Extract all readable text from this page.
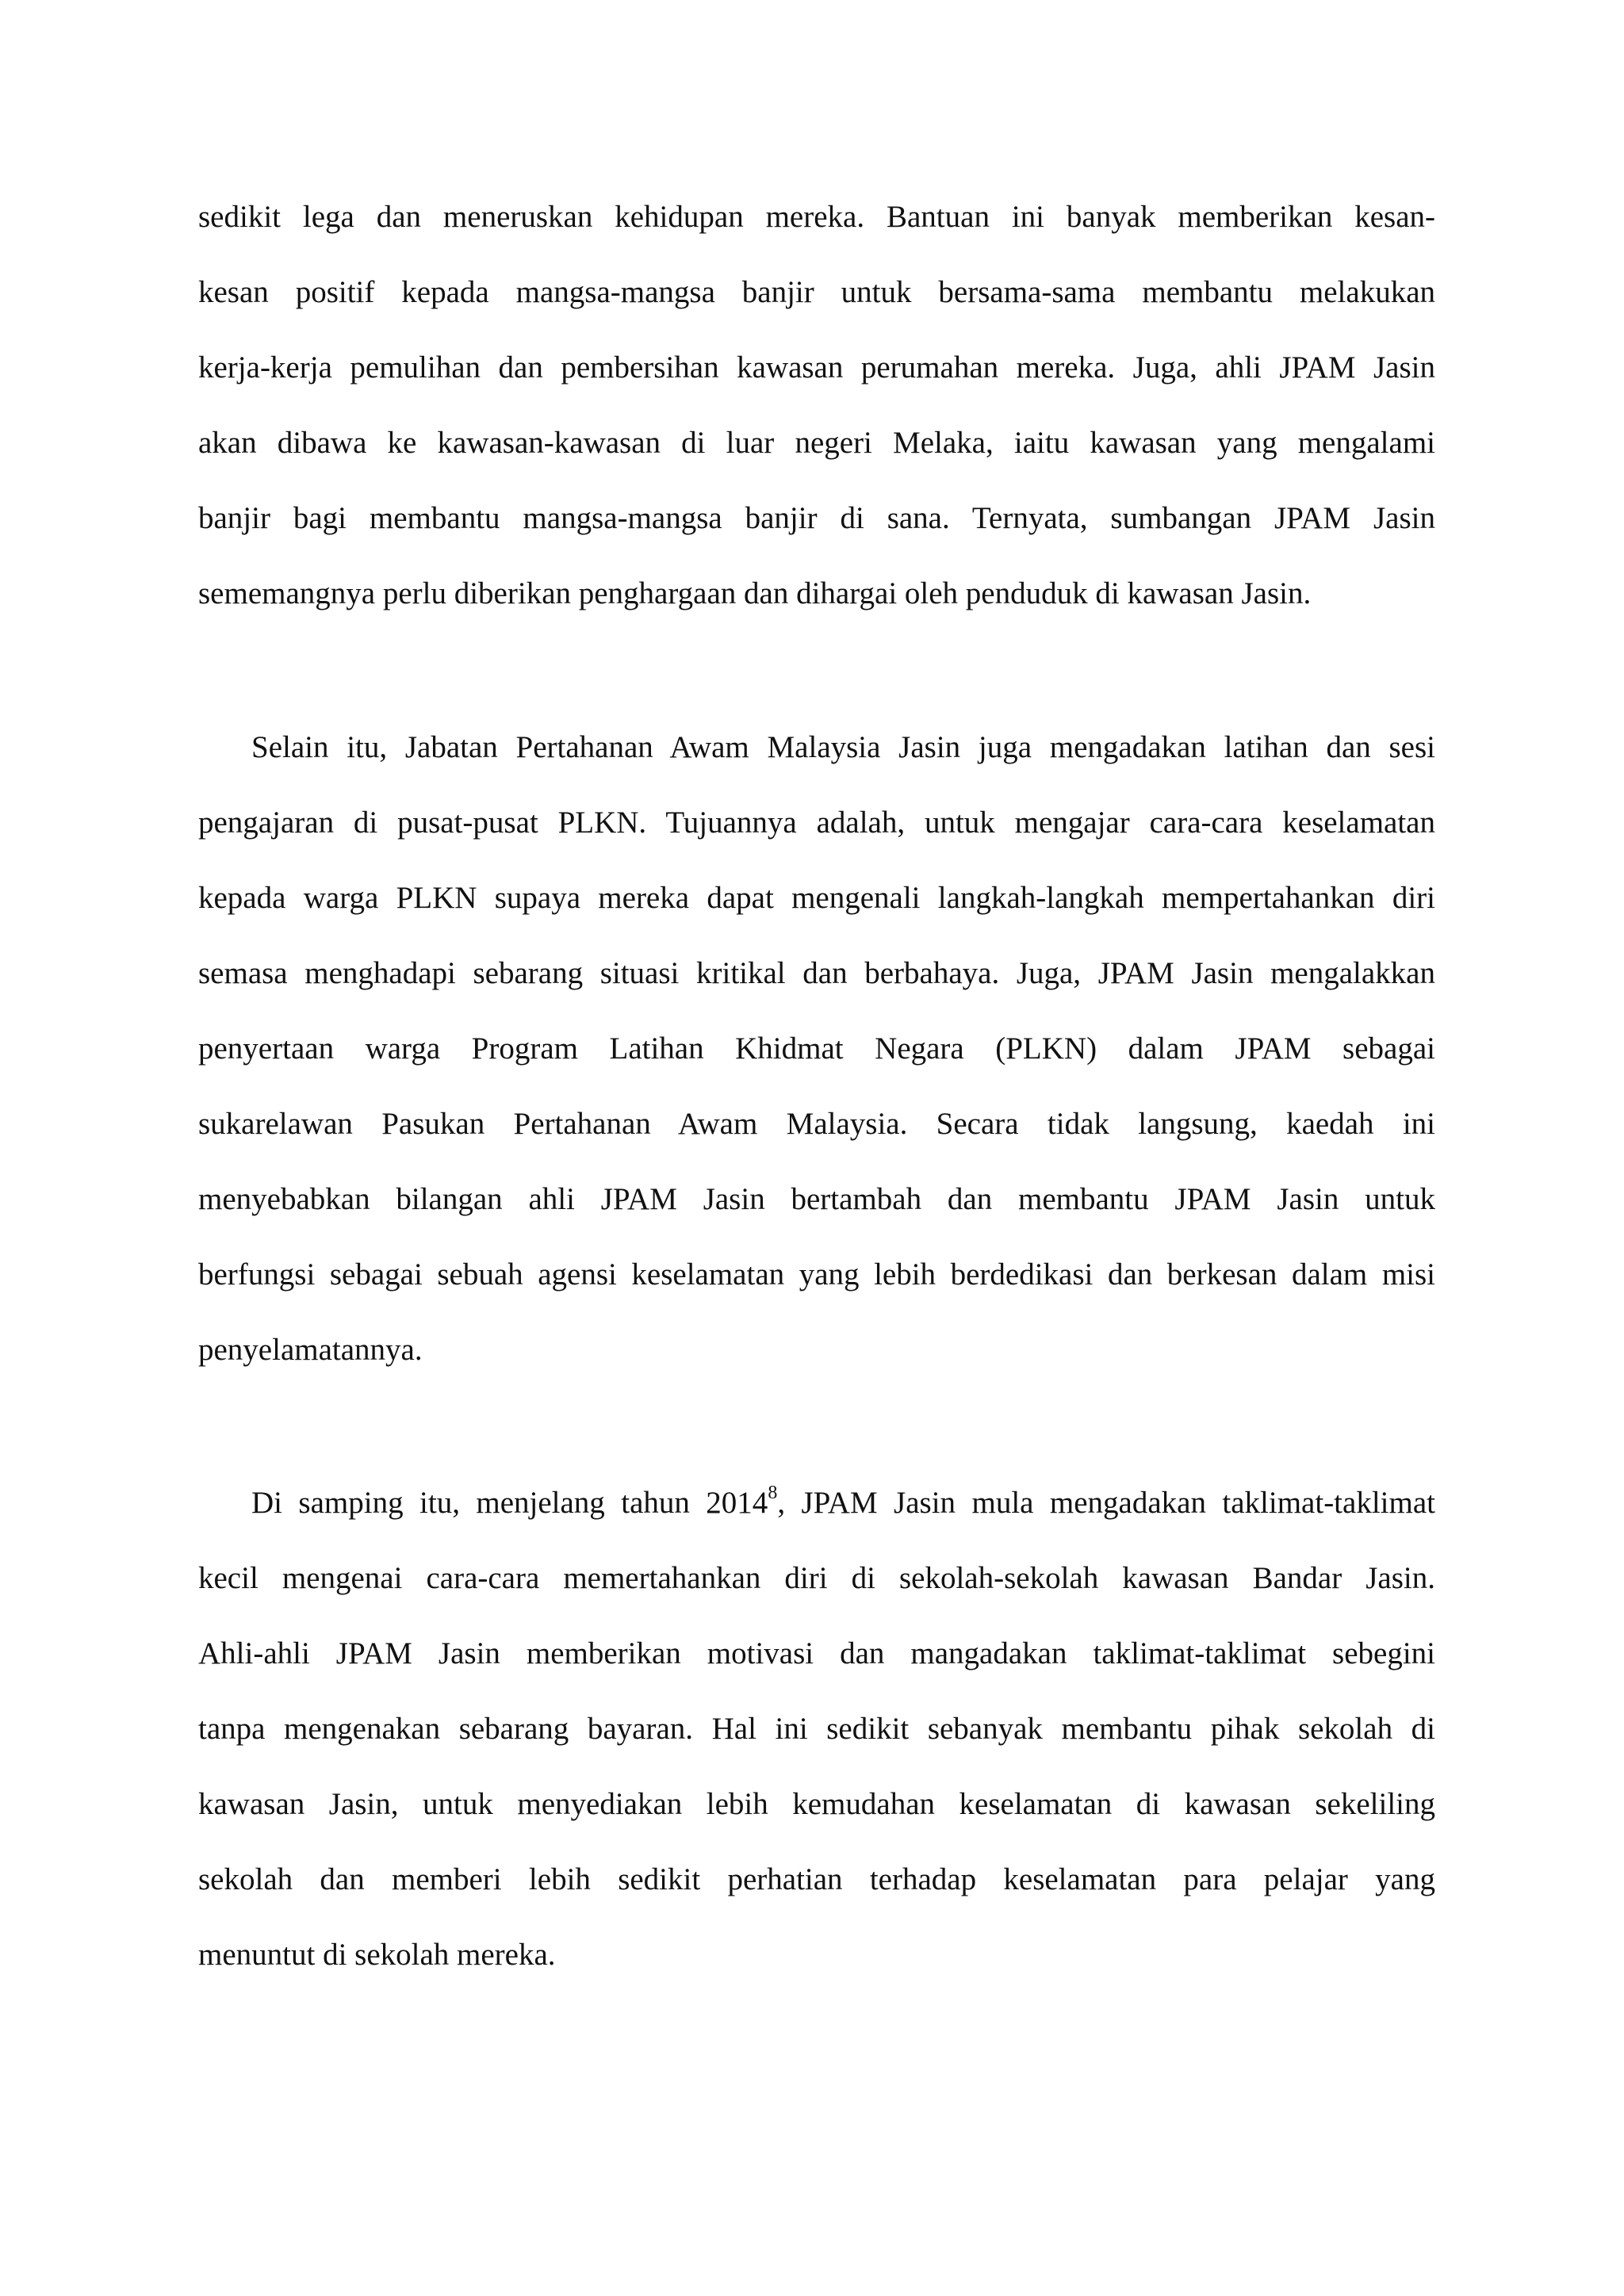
sedikit lega dan meneruskan kehidupan mereka. Bantuan ini banyak memberikan kesan-
kesan positif kepada mangsa-mangsa banjir untuk bersama-sama membantu melakukan
kerja-kerja pemulihan dan pembersihan kawasan perumahan mereka. Juga, ahli JPAM Jasin
akan dibawa ke kawasan-kawasan di luar negeri Melaka, iaitu kawasan yang mengalami
banjir bagi membantu mangsa-mangsa banjir di sana. Ternyata, sumbangan JPAM Jasin
sememangnya perlu diberikan penghargaan dan dihargai oleh penduduk di kawasan Jasin.
Selain itu, Jabatan Pertahanan Awam Malaysia Jasin juga mengadakan latihan dan sesi
pengajaran di pusat-pusat PLKN. Tujuannya adalah, untuk mengajar cara-cara keselamatan
kepada warga PLKN supaya mereka dapat mengenali langkah-langkah mempertahankan diri
semasa menghadapi sebarang situasi kritikal dan berbahaya. Juga, JPAM Jasin mengalakkan
penyertaan warga Program Latihan Khidmat Negara (PLKN) dalam JPAM sebagai
sukarelawan Pasukan Pertahanan Awam Malaysia. Secara tidak langsung, kaedah ini
menyebabkan bilangan ahli JPAM Jasin bertambah dan membantu JPAM Jasin untuk
berfungsi sebagai sebuah agensi keselamatan yang lebih berdedikasi dan berkesan dalam misi
penyelamatannya.
Di samping itu, menjelang tahun 2014$^8$, JPAM Jasin mula mengadakan taklimat-taklimat
kecil mengenai cara-cara memertahankan diri di sekolah-sekolah kawasan Bandar Jasin.
Ahli-ahli JPAM Jasin memberikan motivasi dan mangadakan taklimat-taklimat sebegini
tanpa mengenakan sebarang bayaran. Hal ini sedikit sebanyak membantu pihak sekolah di
kawasan Jasin, untuk menyediakan lebih kemudahan keselamatan di kawasan sekeliling
sekolah dan memberi lebih sedikit perhatian terhadap keselamatan para pelajar yang
menuntut di sekolah mereka.
